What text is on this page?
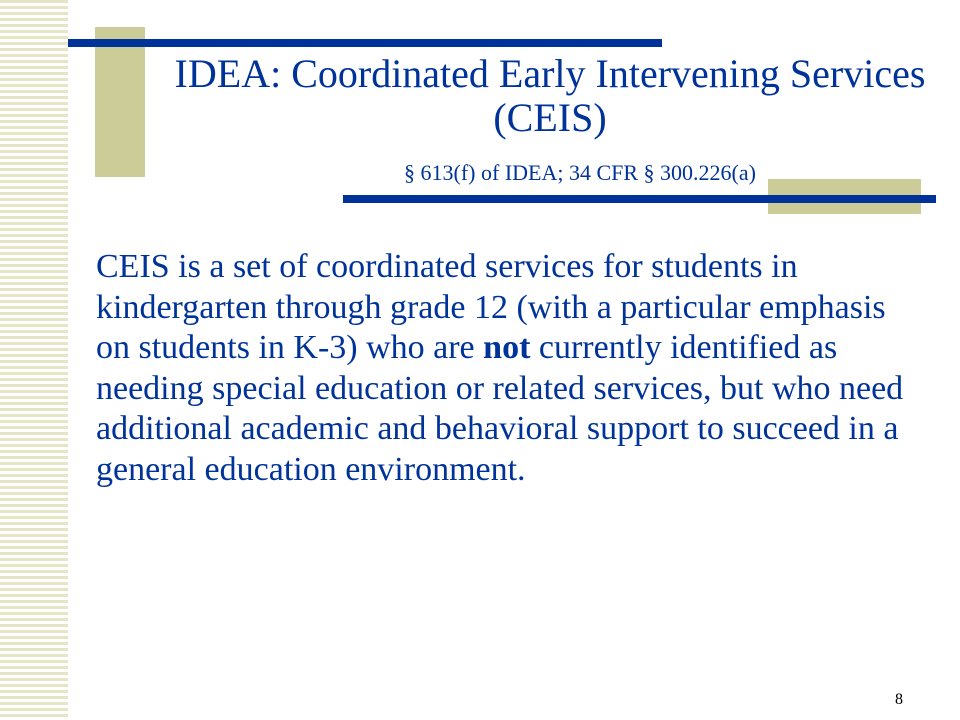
IDEA: Coordinated Early Intervening Services (CEIS)

§ 613(f) of IDEA; 34 CFR § 300.226(a)

CEIS is a set of coordinated services for students in kindergarten through grade 12 (with a particular emphasis on students in K-3) who are not currently identified as needing special education or related services, but who need additional academic and behavioral support to succeed in a general education environment.

8
